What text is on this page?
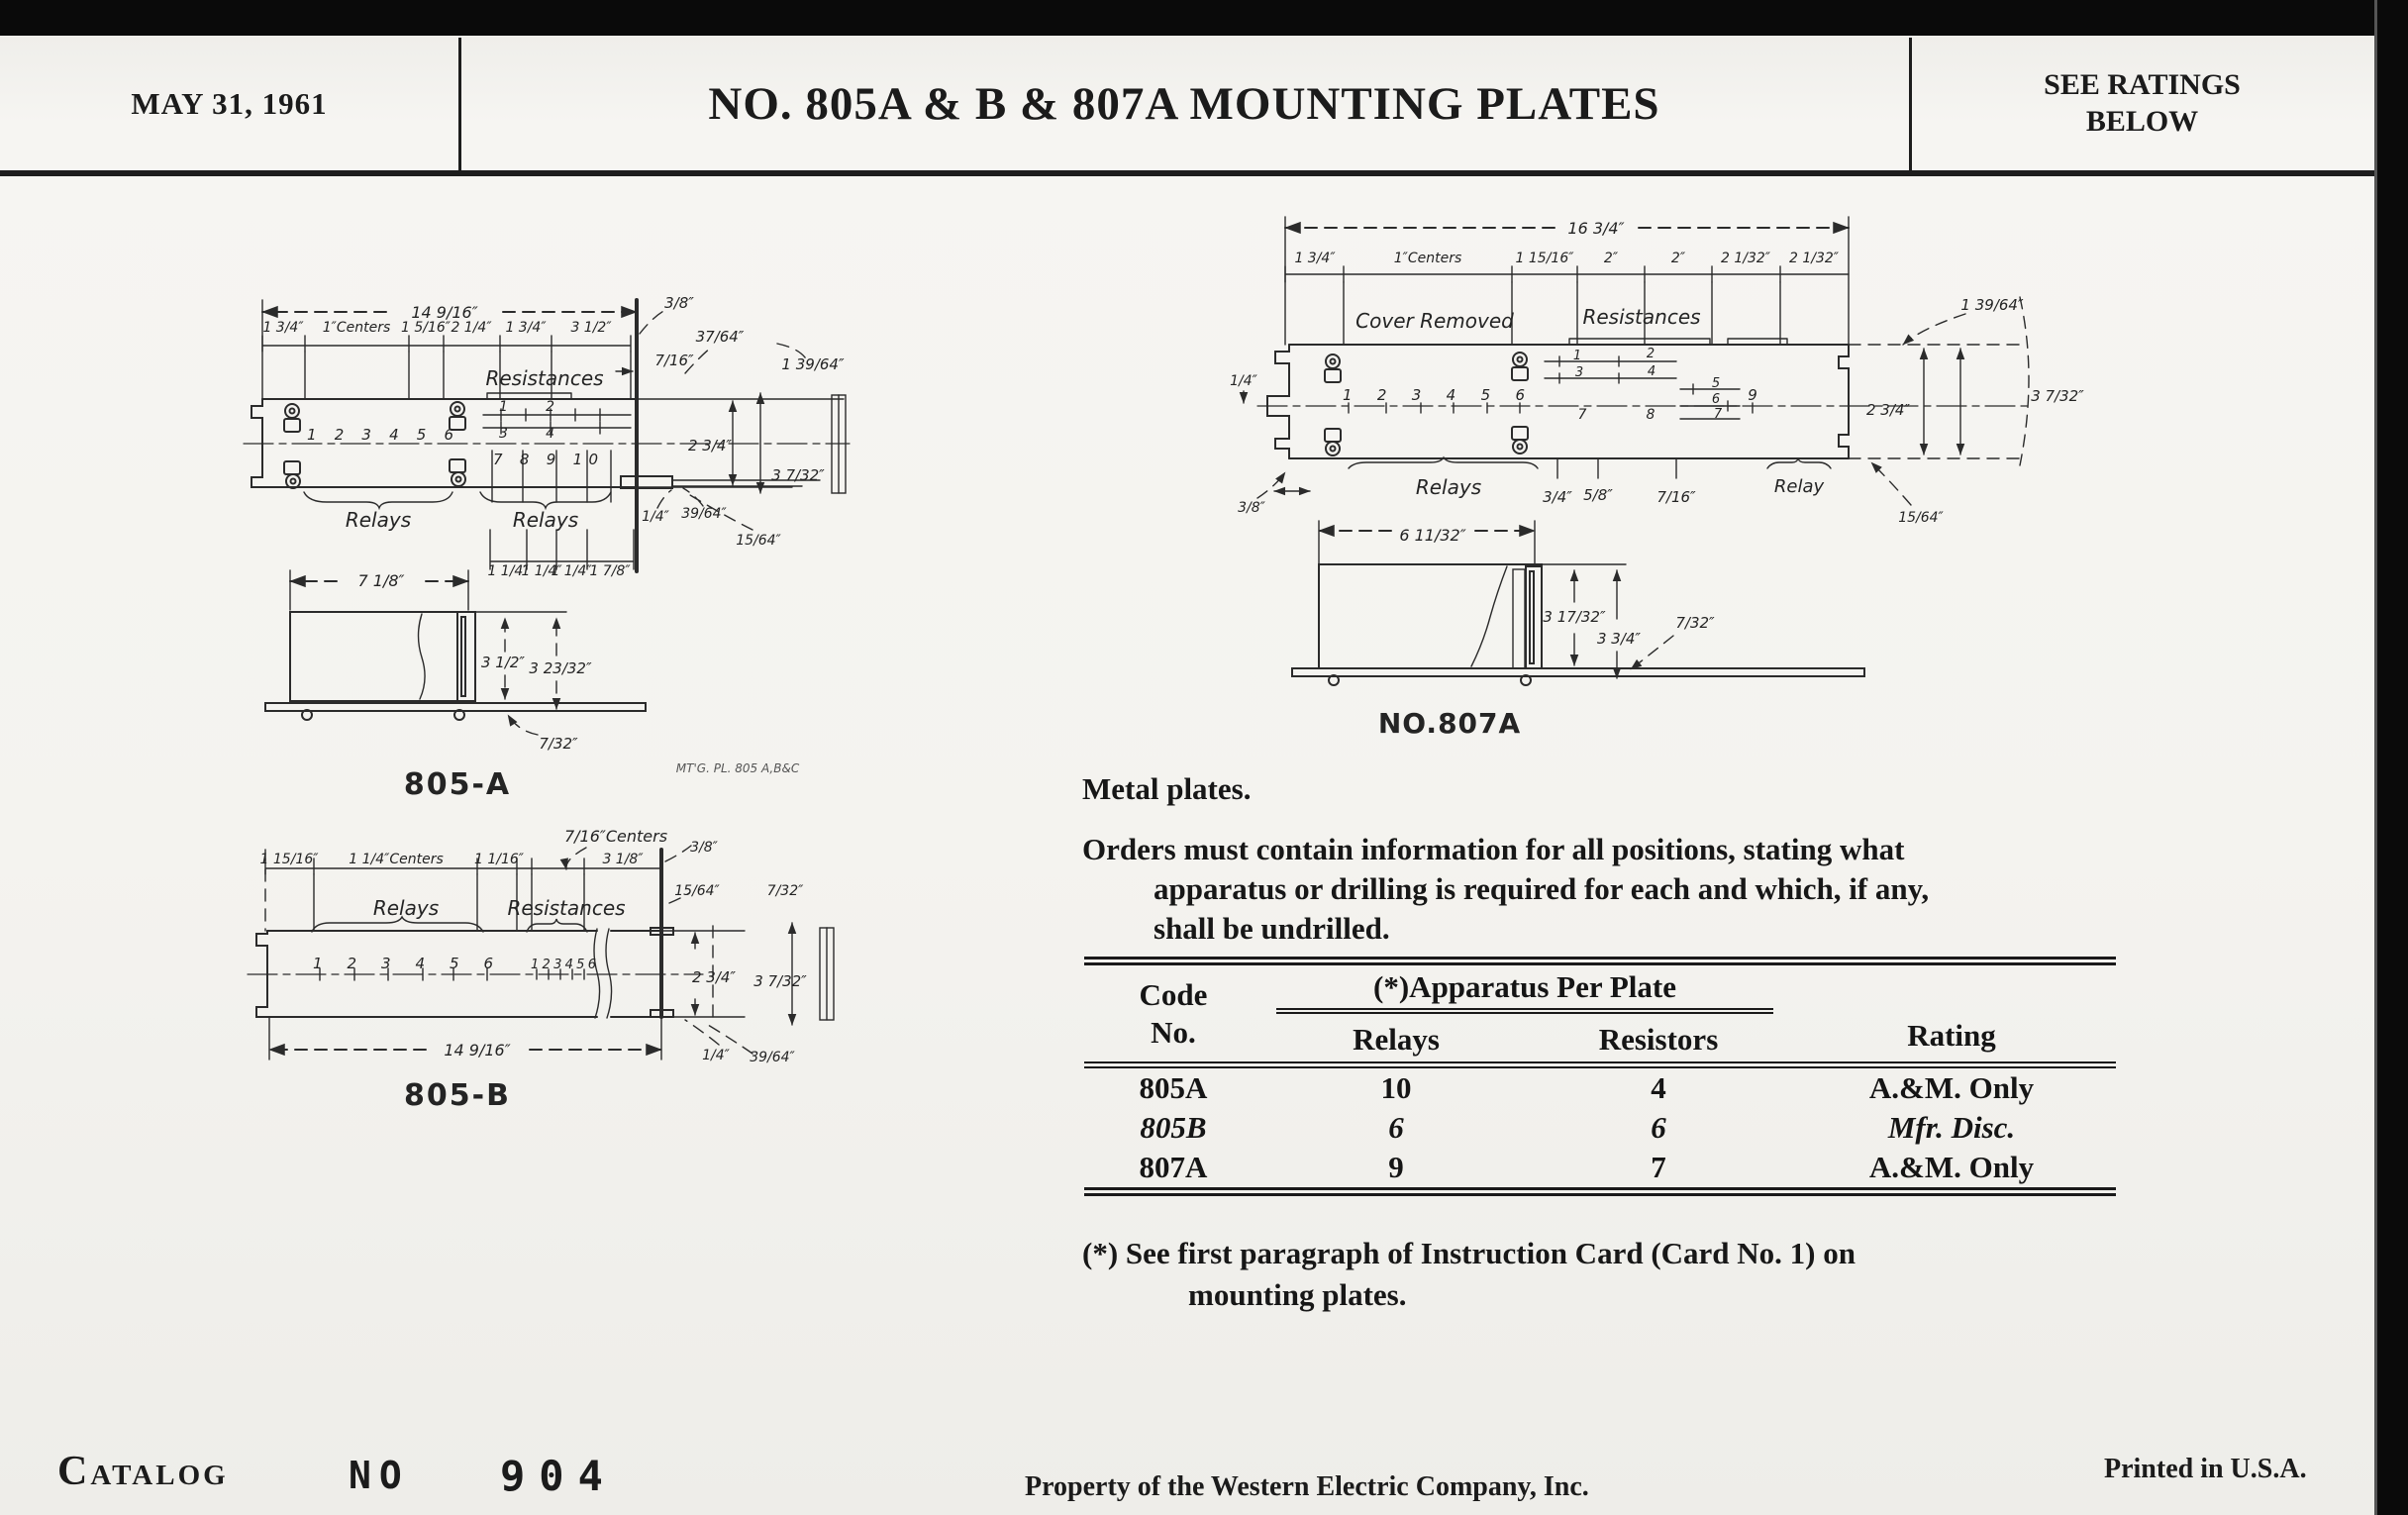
MAY 31, 1961	NO. 805A & B & 807A MOUNTING PLATES	SEE RATINGS
BELOW
14 9/16″
1 3/4″ 1″Centers 1 5/16″ 2 1/4″ 1 3/4″ 3 1/2″
Resistances
1 2
3 4
1 2 3 4 5 6
7 8 9 10
Relays	Relays
1 1/4″
1 1/4″
1 1/4″
1 7/8″
3/8″
7/16″
37/64″
1 39/64″
2 3/4″
3 7/32″
1/4″ 39/64″
15/64″
7 1/8″
3 1/2″ 3 23/32″
7/32″
805-A	MT'G. PL. 805 A,B&C
7/16″Centers
1 15/16″ 1 1/4″Centers 1 1/16″	3 1/8″
Relays	Resistances
1 2 3 4 5 6	1 2 3 4 5 6
3/8″
15/64″	7/32″
2 3/4″ 3 7/32″
1/4″ 39/64″
14 9/16″
805-B
16 3/4″
1 3/4″	1″Centers	1 15/16″ 2″	2″	2 1/32″ 2 1/32″
Cover Removed	Resistances
1 2 3 4 5 6
7	8
9
1	2
3	4
5
6
7
Relays	Relay
3/4″ 5/8″	7/16″
1/4″
3/8″
1 39/64″
2 3/4″
3 7/32″
15/64″
6 11/32″
3 17/32″
3 3/4″
7/32″
NO.807A
Metal plates.
Orders must contain information for all positions, stating what
apparatus or drilling is required for each and which, if any,
shall be undrilled.
Code
No.	(*)Apparatus Per Plate		Rating
	Relays	Resistors	
805A	10	4	A.&M. Only
805B	6	6	Mfr. Disc.
807A	9	7	A.&M. Only
(*) See first paragraph of Instruction Card (Card No. 1) on
mounting plates.
Catalog	NO 904	Property of the Western Electric Company, Inc.
Printed in U.S.A.
